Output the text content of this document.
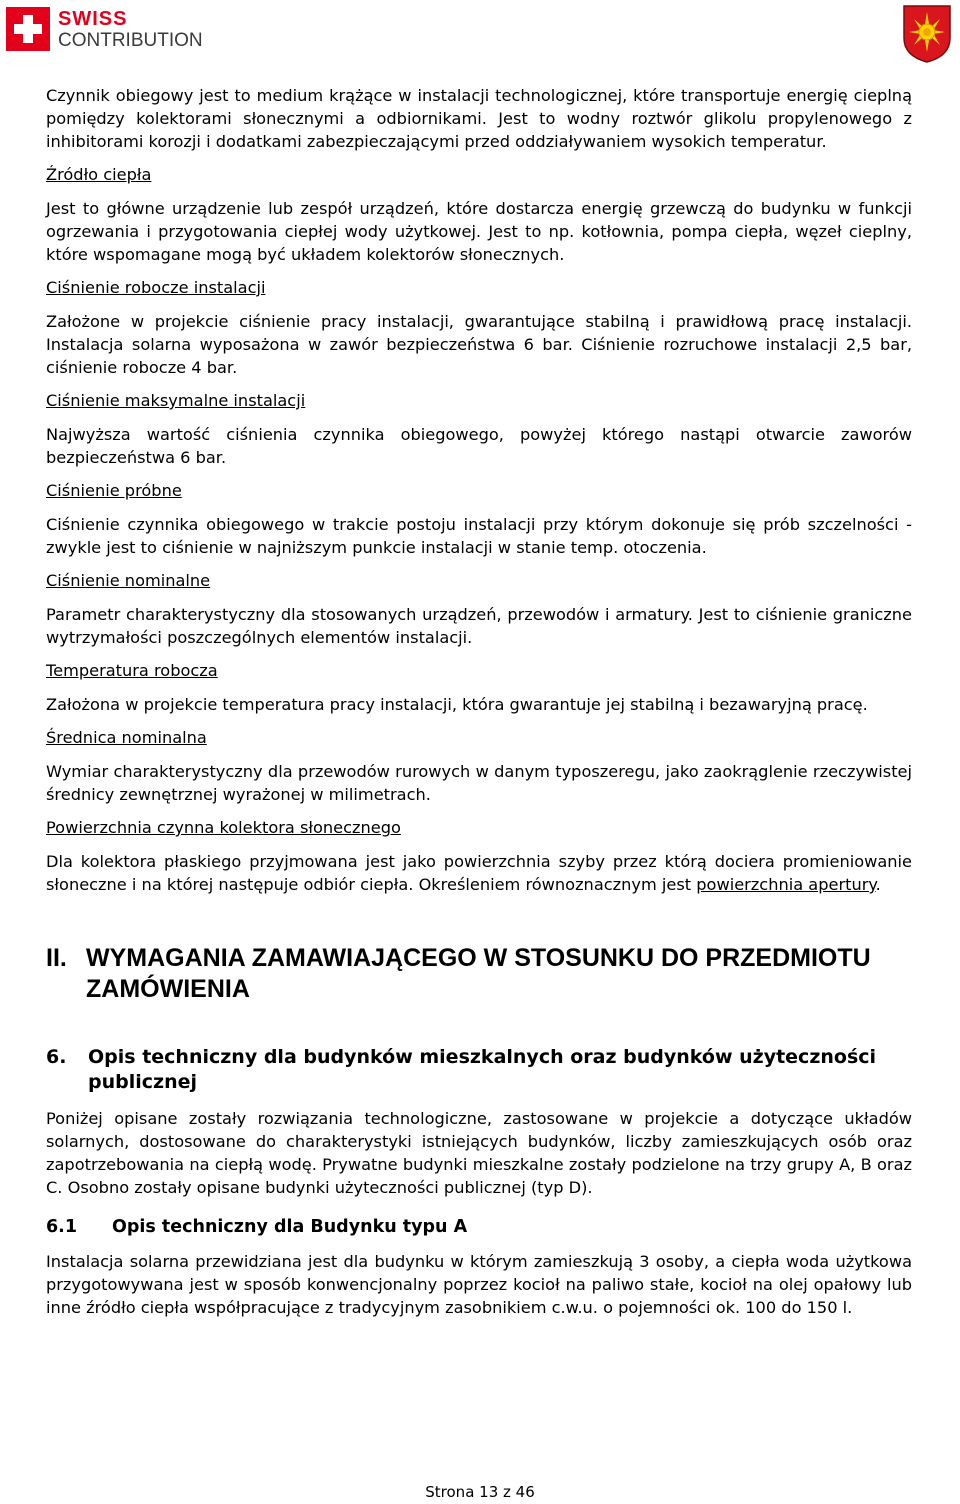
SWISS
CONTRIBUTION

Czynnik obiegowy jest to medium krążące w instalacji technologicznej, które transportuje energię cieplną pomiędzy kolektorami słonecznymi a odbiornikami. Jest to wodny roztwór glikolu propylenowego z inhibitorami korozji i dodatkami zabezpieczającymi przed oddziaływaniem wysokich temperatur.

Źródło ciepła

Jest to główne urządzenie lub zespół urządzeń, które dostarcza energię grzewczą do budynku w funkcji ogrzewania i przygotowania ciepłej wody użytkowej. Jest to np. kotłownia, pompa ciepła, węzeł cieplny, które wspomagane mogą być układem kolektorów słonecznych.

Ciśnienie robocze instalacji

Założone w projekcie ciśnienie pracy instalacji, gwarantujące stabilną i prawidłową pracę instalacji. Instalacja solarna wyposażona w zawór bezpieczeństwa 6 bar. Ciśnienie rozruchowe instalacji 2,5 bar, ciśnienie robocze 4 bar.

Ciśnienie maksymalne instalacji

Najwyższa wartość ciśnienia czynnika obiegowego, powyżej którego nastąpi otwarcie zaworów bezpieczeństwa 6 bar.

Ciśnienie próbne

Ciśnienie czynnika obiegowego w trakcie postoju instalacji przy którym dokonuje się prób szczelności - zwykle jest to ciśnienie w najniższym punkcie instalacji w stanie temp. otoczenia.

Ciśnienie nominalne

Parametr charakterystyczny dla stosowanych urządzeń, przewodów i armatury. Jest to ciśnienie graniczne wytrzymałości poszczególnych elementów instalacji.

Temperatura robocza

Założona w projekcie temperatura pracy instalacji, która gwarantuje jej stabilną i bezawaryjną pracę.

Średnica nominalna

Wymiar charakterystyczny dla przewodów rurowych w danym typoszeregu, jako zaokrąglenie rzeczywistej średnicy zewnętrznej wyrażonej w milimetrach.

Powierzchnia czynna kolektora słonecznego

Dla kolektora płaskiego przyjmowana jest jako powierzchnia szyby przez którą dociera promieniowanie słoneczne i na której następuje odbiór ciepła. Określeniem równoznacznym jest powierzchnia apertury.

II. WYMAGANIA ZAMAWIAJĄCEGO W STOSUNKU DO PRZEDMIOTU ZAMÓWIENIA
6.	Opis techniczny dla budynków mieszkalnych oraz budynków użyteczności publicznej

Poniżej opisane zostały rozwiązania technologiczne, zastosowane w projekcie a dotyczące układów solarnych, dostosowane do charakterystyki istniejących budynków, liczby zamieszkujących osób oraz zapotrzebowania na ciepłą wodę. Prywatne budynki mieszkalne zostały podzielone na trzy grupy A, B oraz C. Osobno zostały opisane budynki użyteczności publicznej (typ D).

6.1	Opis techniczny dla Budynku typu A

Instalacja solarna przewidziana jest dla budynku w którym zamieszkują 3 osoby, a ciepła woda użytkowa przygotowywana jest w sposób konwencjonalny poprzez kocioł na paliwo stałe, kocioł na olej opałowy lub inne źródło ciepła współpracujące z tradycyjnym zasobnikiem c.w.u. o pojemności ok. 100 do 150 l.

Strona 13 z 46
